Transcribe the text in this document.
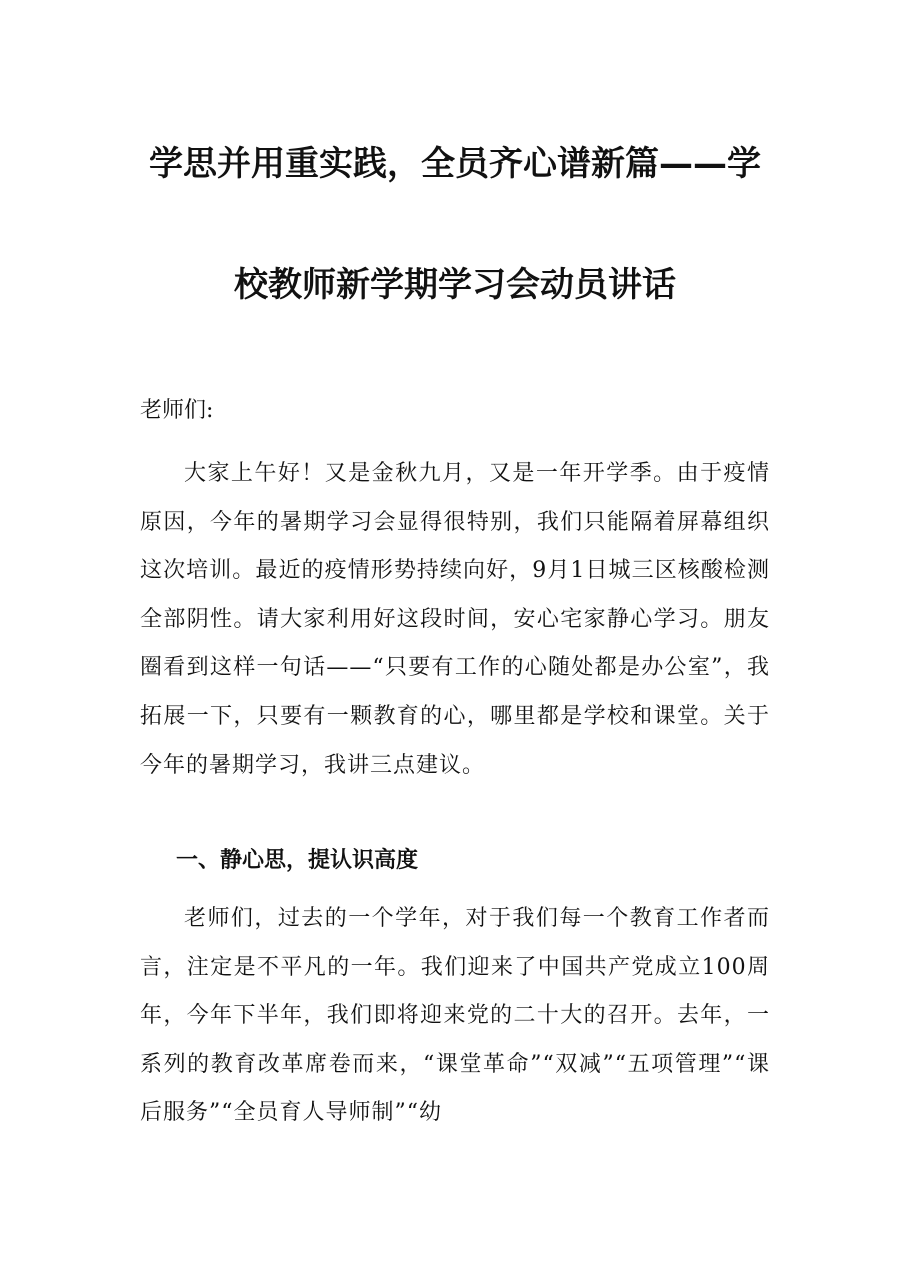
学思并用重实践，全员齐心谱新篇——学
校教师新学期学习会动员讲话
老师们:
大家上午好！又是金秋九月，又是一年开学季。由于疫情原因，今年的暑期学习会显得很特别，我们只能隔着屏幕组织这次培训。最近的疫情形势持续向好，9月1日城三区核酸检测全部阴性。请大家利用好这段时间，安心宅家静心学习。朋友圈看到这样一句话——“只要有工作的心随处都是办公室”，我拓展一下，只要有一颗教育的心，哪里都是学校和课堂。关于今年的暑期学习，我讲三点建议。
一、静心思，提认识高度
老师们，过去的一个学年，对于我们每一个教育工作者而言，注定是不平凡的一年。我们迎来了中国共产党成立100周年，今年下半年，我们即将迎来党的二十大的召开。去年，一系列的教育改革席卷而来，“课堂革命”“双减”“五项管理”“课后服务”“全员育人导师制”“幼
